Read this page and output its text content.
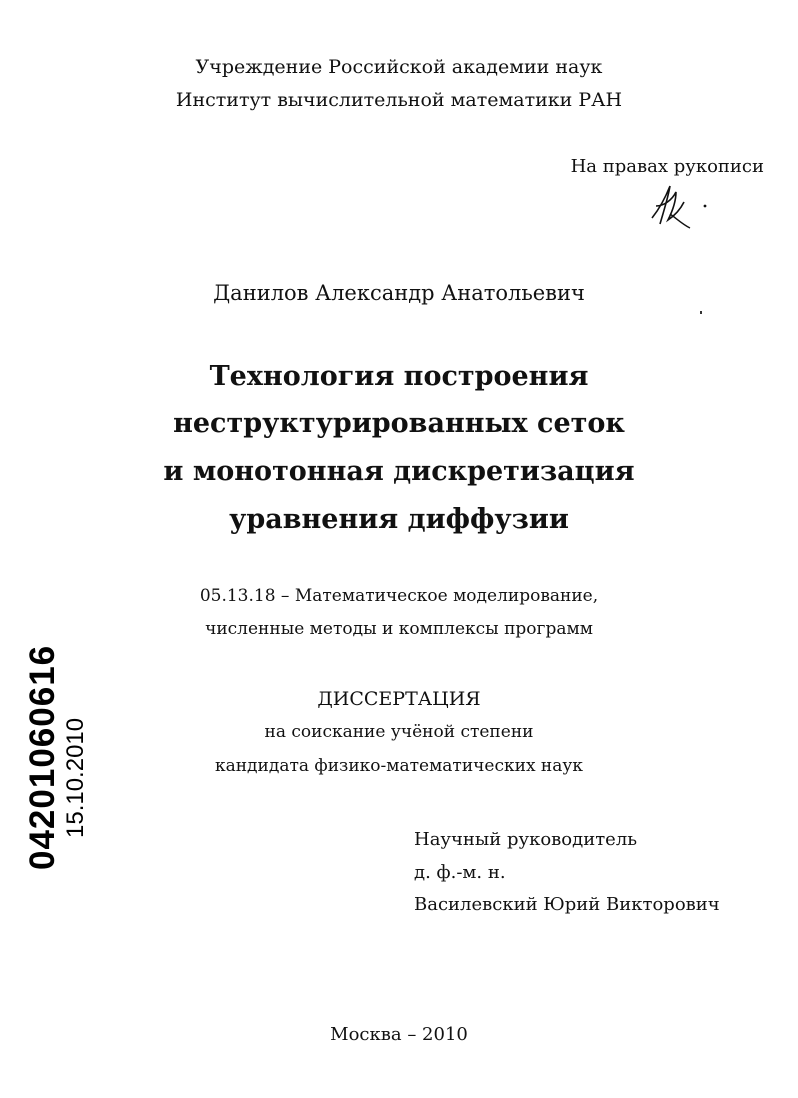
Учреждение Российской академии наук
Институт вычислительной математики РАН
На правах рукописи
Данилов Александр Анатольевич
Технология построения
неструктурированных сеток
и монотонная дискретизация
уравнения диффузии
05.13.18 – Математическое моделирование,
численные методы и комплексы программ
ДИССЕРТАЦИЯ
на соискание учёной степени
кандидата физико-математических наук
Научный руководитель
д. ф.-м. н.
Василевский Юрий Викторович
Москва – 2010
04201060616 15.10.2010
